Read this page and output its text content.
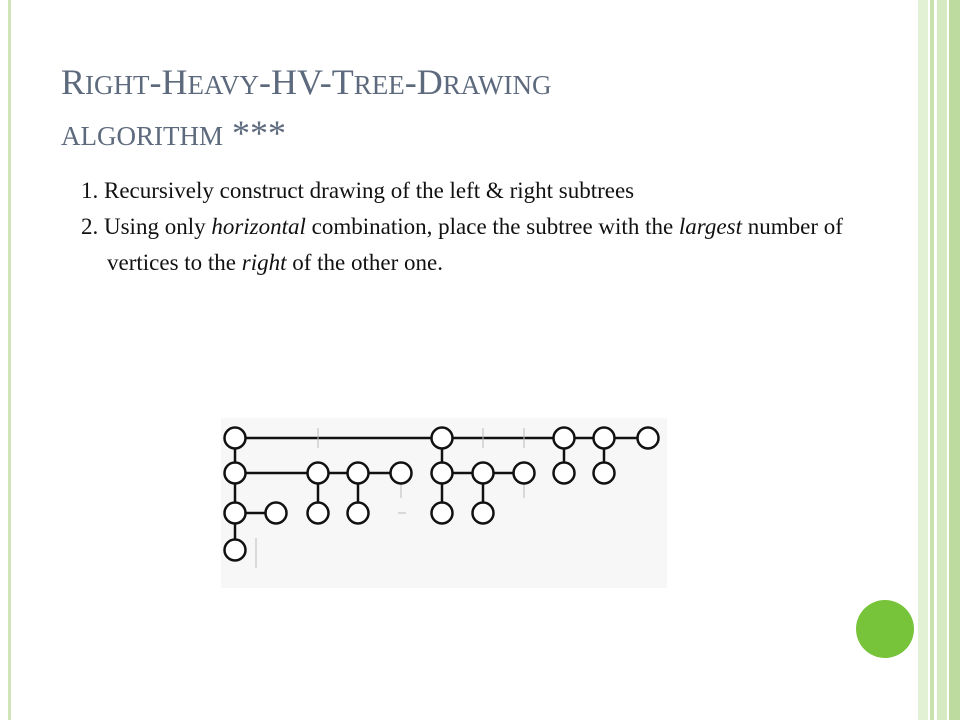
RIGHT-HEAVY-HV-TREE-DRAWING
ALGORITHM ***

1. Recursively construct drawing of the left & right subtrees

2. Using only horizontal combination, place the subtree with the largest number of vertices to the right of the other one.
